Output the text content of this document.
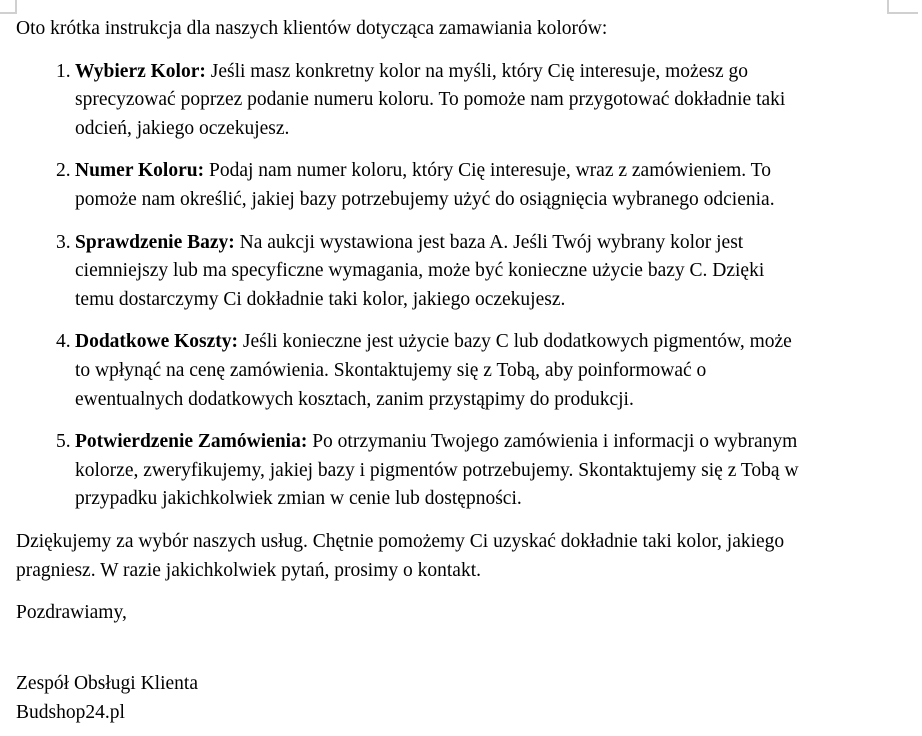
Oto krótka instrukcja dla naszych klientów dotycząca zamawiania kolorów:
1. Wybierz Kolor: Jeśli masz konkretny kolor na myśli, który Cię interesuje, możesz go
sprecyzować poprzez podanie numeru koloru. To pomoże nam przygotować dokładnie taki
odcień, jakiego oczekujesz.
2. Numer Koloru: Podaj nam numer koloru, który Cię interesuje, wraz z zamówieniem. To
pomoże nam określić, jakiej bazy potrzebujemy użyć do osiągnięcia wybranego odcienia.
3. Sprawdzenie Bazy: Na aukcji wystawiona jest baza A. Jeśli Twój wybrany kolor jest
ciemniejszy lub ma specyficzne wymagania, może być konieczne użycie bazy C. Dzięki
temu dostarczymy Ci dokładnie taki kolor, jakiego oczekujesz.
4. Dodatkowe Koszty: Jeśli konieczne jest użycie bazy C lub dodatkowych pigmentów, może
to wpłynąć na cenę zamówienia. Skontaktujemy się z Tobą, aby poinformować o
ewentualnych dodatkowych kosztach, zanim przystąpimy do produkcji.
5. Potwierdzenie Zamówienia: Po otrzymaniu Twojego zamówienia i informacji o wybranym
kolorze, zweryfikujemy, jakiej bazy i pigmentów potrzebujemy. Skontaktujemy się z Tobą w
przypadku jakichkolwiek zmian w cenie lub dostępności.
Dziękujemy za wybór naszych usług. Chętnie pomożemy Ci uzyskać dokładnie taki kolor, jakiego
pragniesz. W razie jakichkolwiek pytań, prosimy o kontakt.
Pozdrawiamy,
Zespół Obsługi Klienta
Budshop24.pl
